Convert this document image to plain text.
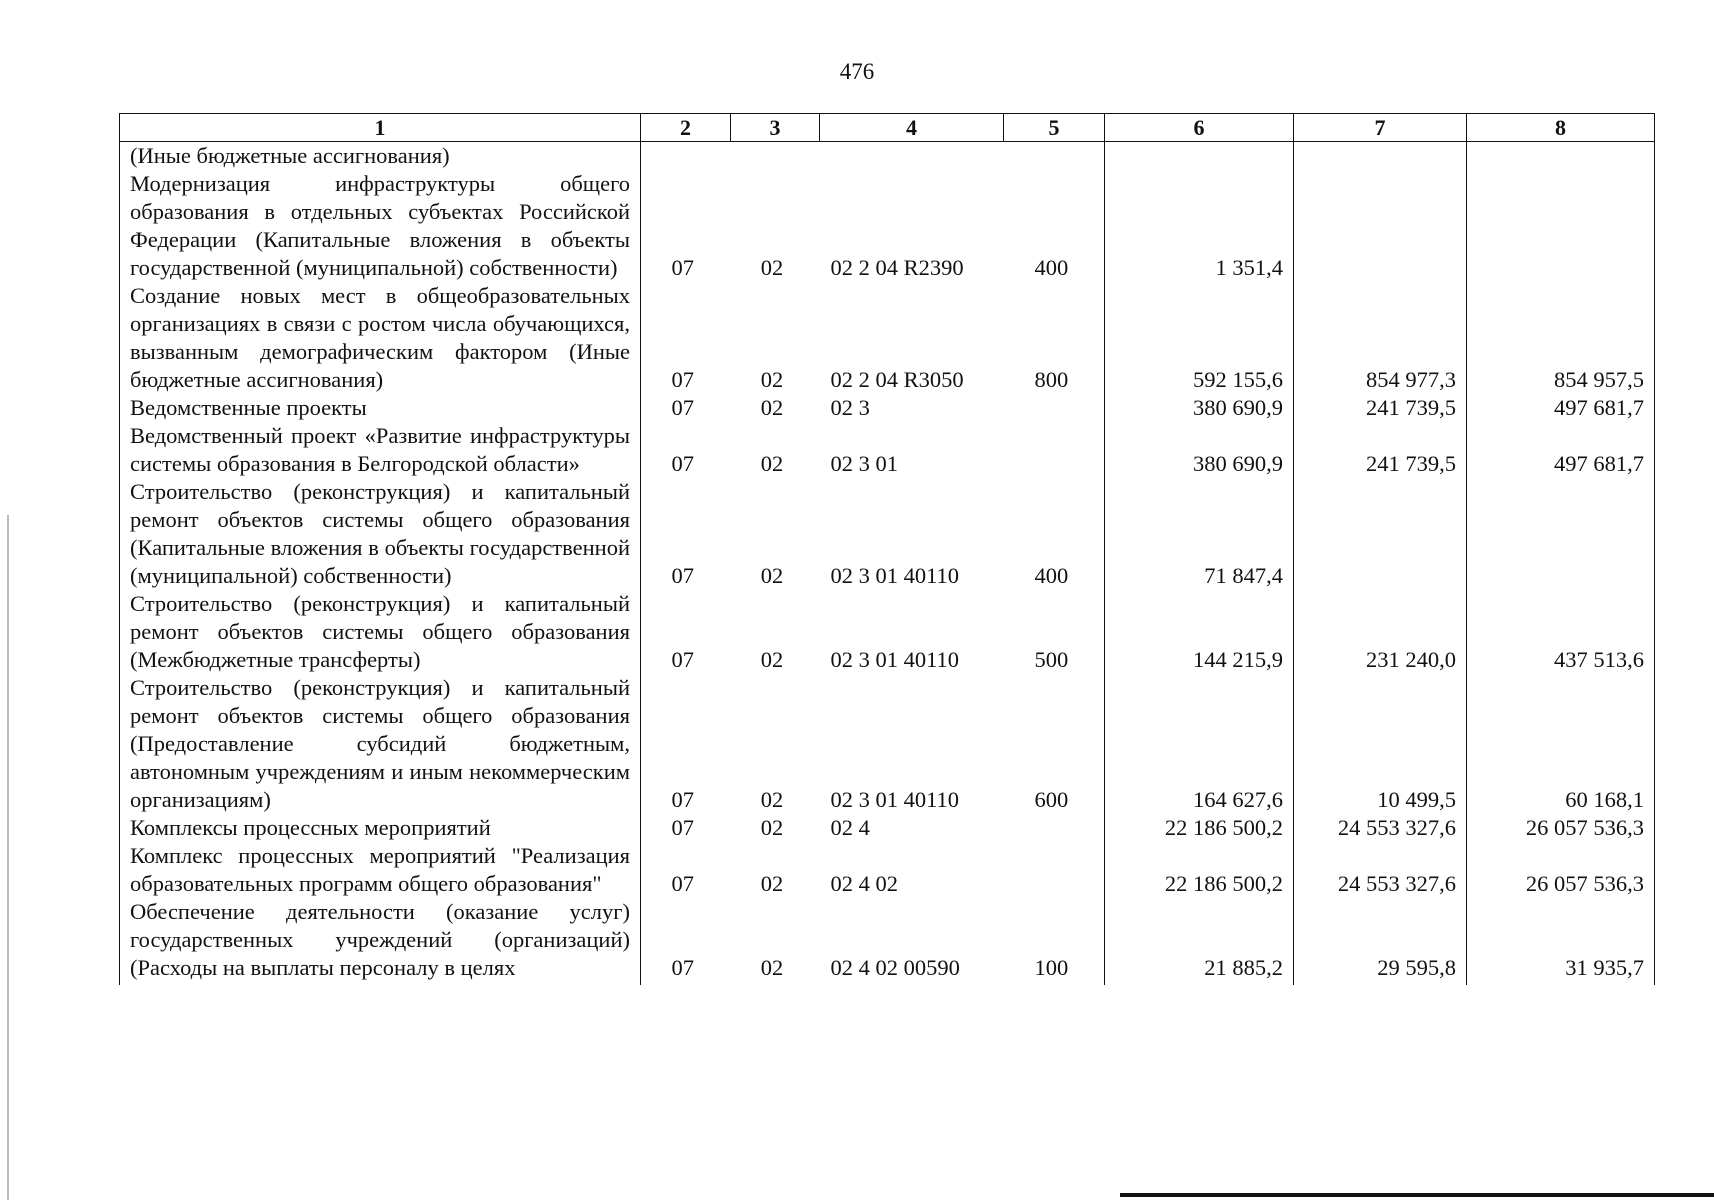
476
1	2	3	4	5	6	7	8
(Иные бюджетные ассигнования)							
Модернизация инфраструктуры общего образования в отдельных субъектах Российской Федерации (Капитальные вложения в объекты государственной (муниципальной) собственности)	07	02	02 2 04 R2390	400	1 351,4		
Создание новых мест в общеобразовательных организациях в связи с ростом числа обучающихся, вызванным демографическим фактором (Иные бюджетные ассигнования)	07	02	02 2 04 R3050	800	592 155,6	854 977,3	854 957,5
Ведомственные проекты	07	02	02 3		380 690,9	241 739,5	497 681,7
Ведомственный проект «Развитие инфраструктуры системы образования в Белгородской области»	07	02	02 3 01		380 690,9	241 739,5	497 681,7
Строительство (реконструкция) и капитальный ремонт объектов системы общего образования (Капитальные вложения в объекты государственной (муниципальной) собственности)	07	02	02 3 01 40110	400	71 847,4		
Строительство (реконструкция) и капитальный ремонт объектов системы общего образования (Межбюджетные трансферты)	07	02	02 3 01 40110	500	144 215,9	231 240,0	437 513,6
Строительство (реконструкция) и капитальный ремонт объектов системы общего образования (Предоставление субсидий бюджетным, автономным учреждениям и иным некоммерческим организациям)	07	02	02 3 01 40110	600	164 627,6	10 499,5	60 168,1
Комплексы процессных мероприятий	07	02	02 4		22 186 500,2	24 553 327,6	26 057 536,3
Комплекс процессных мероприятий "Реализация образовательных программ общего образования"	07	02	02 4 02		22 186 500,2	24 553 327,6	26 057 536,3
Обеспечение деятельности (оказание услуг) государственных учреждений (организаций) (Расходы на выплаты персоналу в целях	07	02	02 4 02 00590	100	21 885,2	29 595,8	31 935,7
